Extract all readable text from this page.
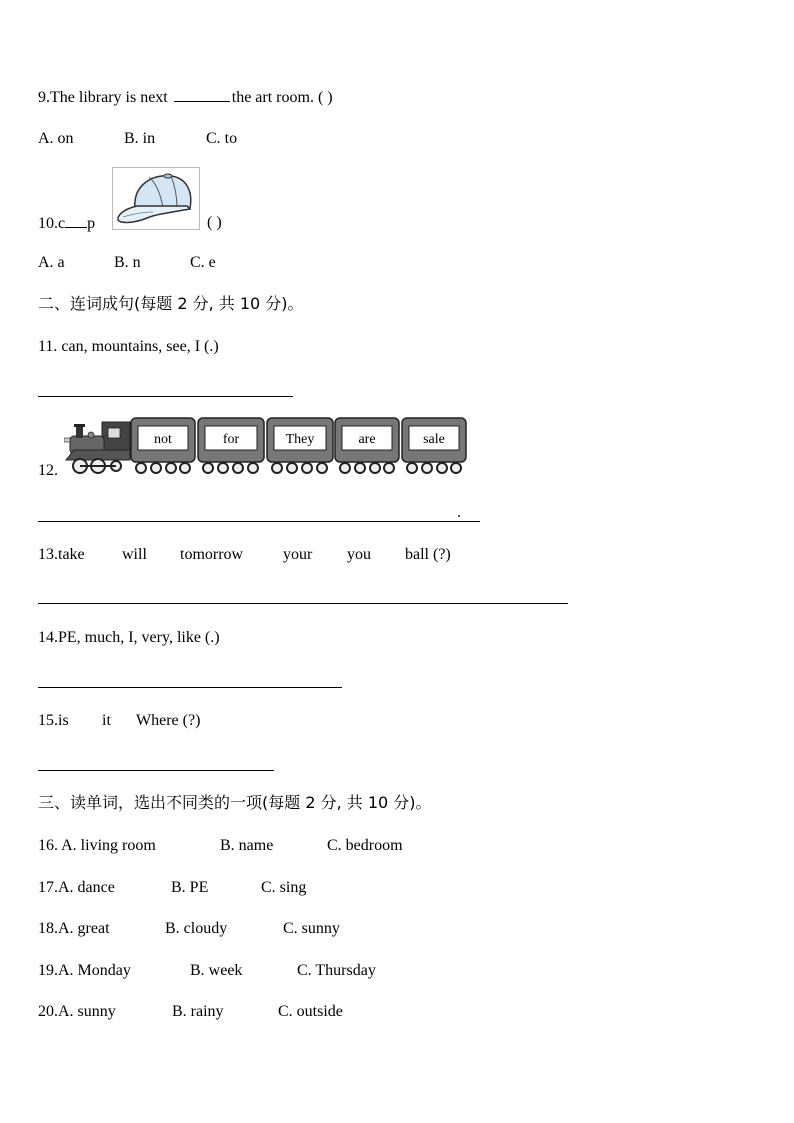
9.The library is next	the art room. ( )
A. on	B. in	C. to
10.c p	( )
A. a	B. n	C. e
二、连词成句(每题 2 分, 共 10 分)。
11. can, mountains, see, I (.)
12.
not	for	They	are	sale
.
13.take will tomorrow your you ball (?)
14.PE, much, I, very, like (.)
15.is it Where (?)
三、读单词，选出不同类的一项(每题 2 分, 共 10 分)。
16. A. living room	B. name	C. bedroom
17.A. dance	B. PE	C. sing
18.A. great	B. cloudy	C. sunny
19.A. Monday	B. week	C. Thursday
20.A. sunny	B. rainy	C. outside
